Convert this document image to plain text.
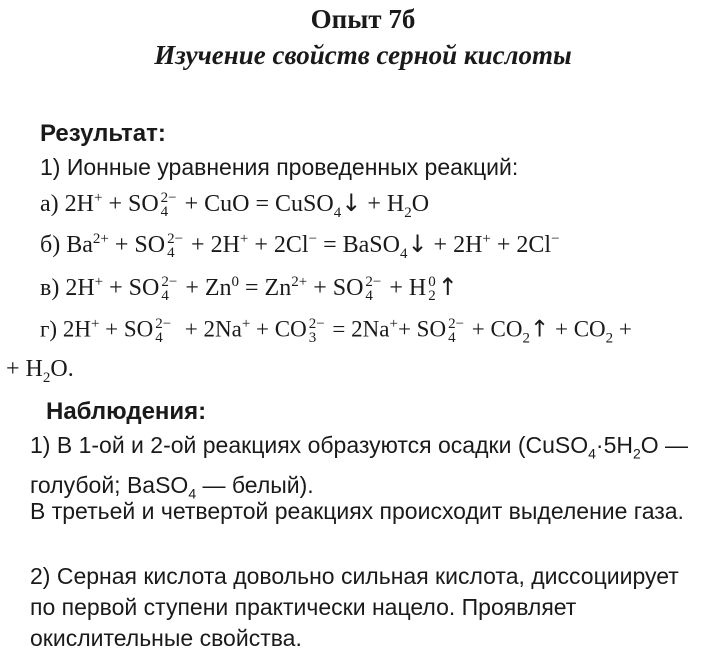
Опыт 7б
Изучение свойств серной кислоты
Результат:
1) Ионные уравнения проведенных реакций:
а) 2H+ + SO 2−
4 + CuO = CuSO$_4$↓ + $H_2O$
б) $Ba^{2+}$ + SO 2−
4 + 2H+ + 2Cl− = BaSO$_4$↓ + 2H+ + 2Cl−
в) 2H+ + SO 2−
$4 + Zn^0 = Zn^{2+}$ + SO 2−
4 + H 0
2 ↑
г) 2H+ + SO 2−
4 + 2Na+ + CO 2−
3 = 2Na++ SO 2−
$4 + CO_2↑ + CO_2$ +
+ $H_2O$.
Наблюдения:
1) В 1-ой и 2-ой реакциях образуются осадки ($CuSO_4\cdot 5H_2O$ — голубой; BaSO$_4$ — белый).
В третьей и четвертой реакциях происходит выделение газа.
2) Серная кислота довольно сильная кислота, диссоциирует по первой ступени практически нацело. Проявляет окислительные свойства.
